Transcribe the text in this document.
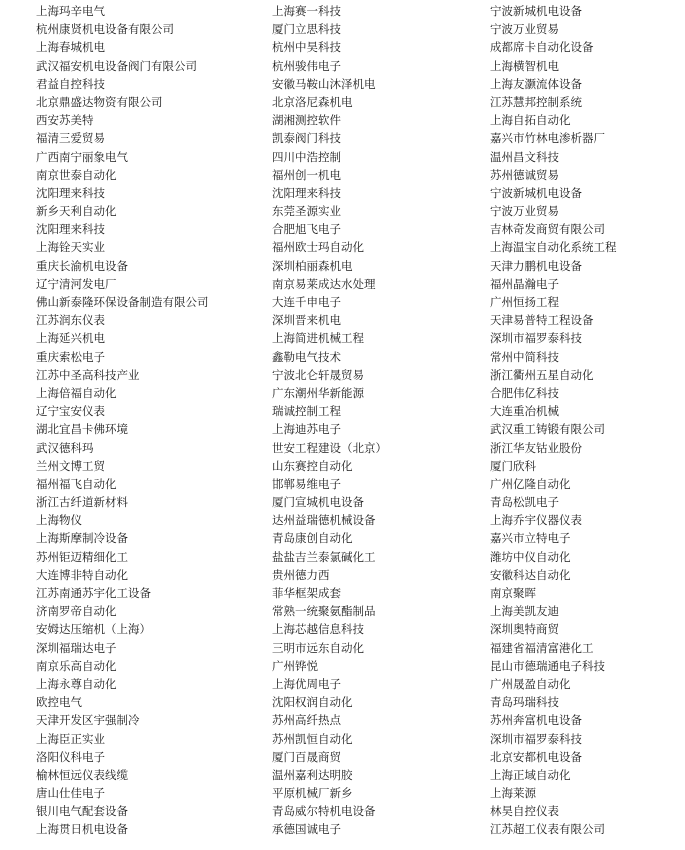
上海玛辛电气
杭州康贤机电设备有限公司
上海春城机电
武汉福安机电设备阀门有限公司
君益自控科技
北京鼎盛达物资有限公司
西安苏美特
福清三爱贸易
广西南宁丽象电气
南京世泰自动化
沈阳理来科技
新乡天利自动化
沈阳理来科技
上海铨天实业
重庆长渝机电设备
辽宁清河发电厂
佛山新泰隆环保设备制造有限公司
江苏润东仪表
上海延兴机电
重庆索松电子
江苏中圣高科技产业
上海倍福自动化
辽宁宝安仪表
湖北宜昌卡佛环境
武汉德科玛
兰州文博工贸
福州福飞自动化
浙江古纤道新材料
上海物仪
上海斯摩制冷设备
苏州钜迈精细化工
大连博非特自动化
江苏南通苏宇化工设备
济南罗帝自动化
安姆达压缩机（上海）
深圳福瑞达电子
南京乐高自动化
上海永尊自动化
欧控电气
天津开发区宇强制冷
上海臣正实业
洛阳仪科电子
榆林恒远仪表线缆
唐山仕佳电子
银川电气配套设备
上海贯日机电设备
上海赛一科技
厦门立思科技
杭州中昊科技
杭州骏伟电子
安徽马鞍山沐泽机电
北京洛尼森机电
湖湘测控软件
凯泰阀门科技
四川中浩控制
福州创一机电
沈阳理来科技
东莞圣源实业
合肥旭飞电子
福州欧士玛自动化
深圳柏丽森机电
南京易莱成达水处理
大连千申电子
深圳晋来机电
上海简进机械工程
鑫勒电气技术
宁波北仑轩晟贸易
广东潮州华新能源
瑞诚控制工程
上海迪苏电子
世安工程建设（北京）
山东赛控自动化
邯郸易维电子
厦门宣城机电设备
达州益瑞德机械设备
青岛康创自动化
盐盐吉兰泰氯碱化工
贵州德力西
菲华框架成套
常熟一统聚氨酯制品
上海芯越信息科技
三明市远东自动化
广州铧悦
上海优周电子
沈阳权润自动化
苏州高纤热点
苏州凯恒自动化
厦门百晟商贸
温州嘉利达明胶
平原机械厂新乡
青岛威尔特机电设备
承德国诚电子
宁波新城机电设备
宁波万业贸易
成都席卡自动化设备
上海横智机电
上海友灏流体设备
江苏慧邦控制系统
上海自拓自动化
嘉兴市竹林电渗析器厂
温州昌文科技
苏州德诚贸易
宁波新城机电设备
宁波万业贸易
吉林奇发商贸有限公司
上海温宝自动化系统工程
天津力鹏机电设备
福州晶瀚电子
广州恒扬工程
天津易普特工程设备
深圳市福罗泰科技
常州中简科技
浙江衢州五星自动化
合肥伟亿科技
大连重冶机械
武汉重工铸锻有限公司
浙江华友钴业股份
厦门欣科
广州亿隆自动化
青岛松凯电子
上海乔宇仪器仪表
嘉兴市立特电子
潍坊中仪自动化
安徽科达自动化
南京聚晖
上海美凯友迪
深圳奥特商贸
福建省福清富港化工
昆山市德瑞通电子科技
广州晟盈自动化
青岛玛瑞科技
苏州奔富机电设备
深圳市福罗泰科技
北京安都机电设备
上海正域自动化
上海莱源
林昊自控仪表
江苏超工仪表有限公司
